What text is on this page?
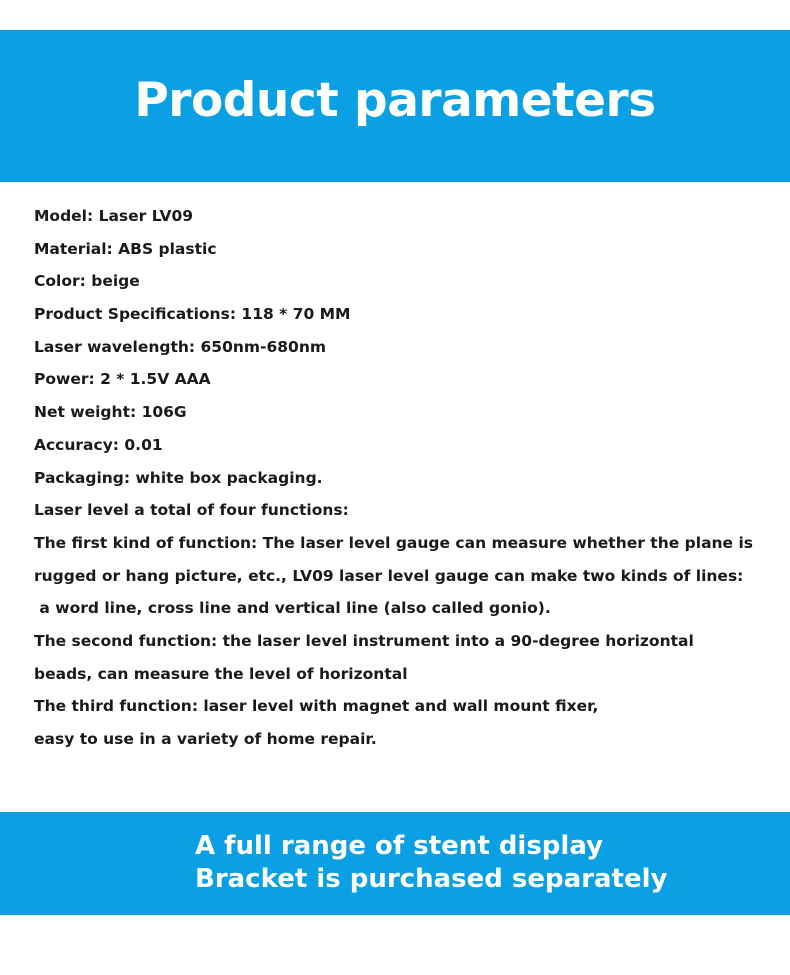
Product parameters
Model: Laser LV09
Material: ABS plastic
Color: beige
Product Specifications: 118 * 70 MM
Laser wavelength: 650nm-680nm
Power: 2 * 1.5V AAA
Net weight: 106G
Accuracy: 0.01
Packaging: white box packaging.
Laser level a total of four functions:
The first kind of function: The laser level gauge can measure whether the plane is
rugged or hang picture, etc., LV09 laser level gauge can make two kinds of lines:
a word line, cross line and vertical line (also called gonio).
The second function: the laser level instrument into a 90-degree horizontal
beads, can measure the level of horizontal
The third function: laser level with magnet and wall mount fixer,
easy to use in a variety of home repair.
A full range of stent display
Bracket is purchased separately
